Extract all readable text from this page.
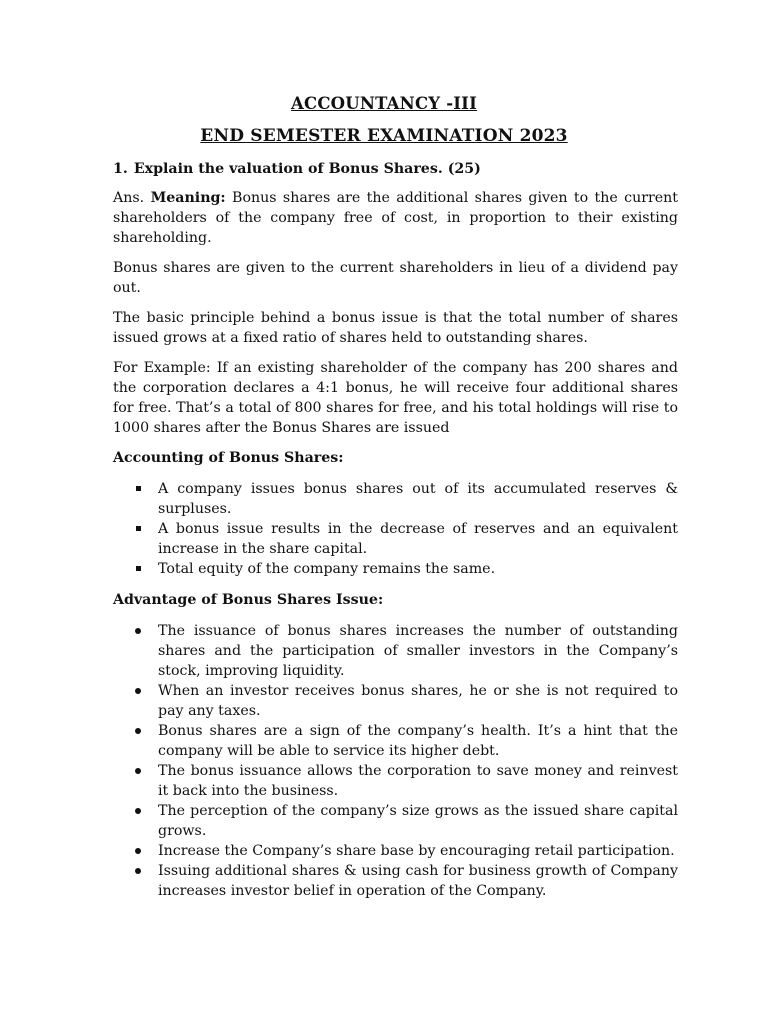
ACCOUNTANCY -III
END SEMESTER EXAMINATION 2023
1. Explain the valuation of Bonus Shares. (25)

Ans. Meaning: Bonus shares are the additional shares given to the current shareholders of the company free of cost, in proportion to their existing shareholding.

Bonus shares are given to the current shareholders in lieu of a dividend pay out.

The basic principle behind a bonus issue is that the total number of shares issued grows at a fixed ratio of shares held to outstanding shares.

For Example: If an existing shareholder of the company has 200 shares and the corporation declares a 4:1 bonus, he will receive four additional shares for free. That’s a total of 800 shares for free, and his total holdings will rise to 1000 shares after the Bonus Shares are issued

Accounting of Bonus Shares:
A company issues bonus shares out of its accumulated reserves & surpluses.
A bonus issue results in the decrease of reserves and an equivalent increase in the share capital.
Total equity of the company remains the same.
Advantage of Bonus Shares Issue:
The issuance of bonus shares increases the number of outstanding shares and the participation of smaller investors in the Company’s stock, improving liquidity.
When an investor receives bonus shares, he or she is not required to pay any taxes.
Bonus shares are a sign of the company’s health. It’s a hint that the company will be able to service its higher debt.
The bonus issuance allows the corporation to save money and reinvest it back into the business.
The perception of the company’s size grows as the issued share capital grows.
Increase the Company’s share base by encouraging retail participation.
Issuing additional shares & using cash for business growth of Company increases investor belief in operation of the Company.
